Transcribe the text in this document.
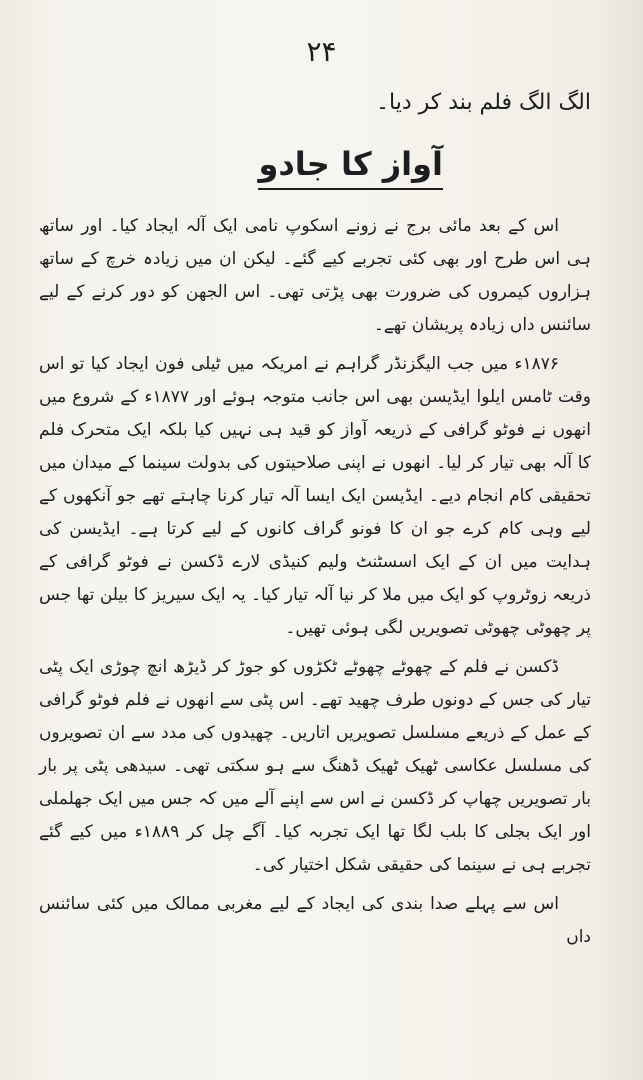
۲۴
الگ الگ فلم بند کر دیا۔
آواز کا جادو

اس کے بعد مائی برج نے زونے اسکوپ نامی ایک آلہ ایجاد کیا۔ اور ساتھ ہی اس طرح اور بھی کئی تجربے کیے گئے۔ لیکن ان میں زیادہ خرچ کے ساتھ ہزاروں کیمروں کی ضرورت بھی پڑتی تھی۔ اس الجھن کو دور کرنے کے لیے سائنس داں زیادہ پریشان تھے۔

۱۸۷۶ء میں جب الیگزنڈر گراہم نے امریکہ میں ٹیلی فون ایجاد کیا تو اس وقت ٹامس ایلوا ایڈیسن بھی اس جانب متوجہ ہوئے اور ۱۸۷۷ء کے شروع میں انھوں نے فوٹو گرافی کے ذریعہ آواز کو قید ہی نہیں کیا بلکہ ایک متحرک فلم کا آلہ بھی تیار کر لیا۔ انھوں نے اپنی صلاحیتوں کی بدولت سینما کے میدان میں تحقیقی کام انجام دیے۔ ایڈیسن ایک ایسا آلہ تیار کرنا چاہتے تھے جو آنکھوں کے لیے وہی کام کرے جو ان کا فونو گراف کانوں کے لیے کرتا ہے۔ ایڈیسن کی ہدایت میں ان کے ایک اسسٹنٹ ولیم کنیڈی لارے ڈکسن نے فوٹو گرافی کے ذریعہ زوٹروپ کو ایک میں ملا کر نیا آلہ تیار کیا۔ یہ ایک سیریز کا بیلن تھا جس پر چھوٹی چھوٹی تصویریں لگی ہوئی تھیں۔

ڈکسن نے فلم کے چھوٹے چھوٹے ٹکڑوں کو جوڑ کر ڈیڑھ انچ چوڑی ایک پٹی تیار کی جس کے دونوں طرف چھید تھے۔ اس پٹی سے انھوں نے فلم فوٹو گرافی کے عمل کے ذریعے مسلسل تصویریں اتاریں۔ چھیدوں کی مدد سے ان تصویروں کی مسلسل عکاسی ٹھیک ٹھیک ڈھنگ سے ہو سکتی تھی۔ سیدھی پٹی پر بار بار تصویریں چھاپ کر ڈکسن نے اس سے اپنے آلے میں کہ جس میں ایک جھلملی اور ایک بجلی کا بلب لگا تھا ایک تجربہ کیا۔ آگے چل کر ۱۸۸۹ء میں کیے گئے تجربے ہی نے سینما کی حقیقی شکل اختیار کی۔

اس سے پہلے صدا بندی کی ایجاد کے لیے مغربی ممالک میں کئی سائنس داں
